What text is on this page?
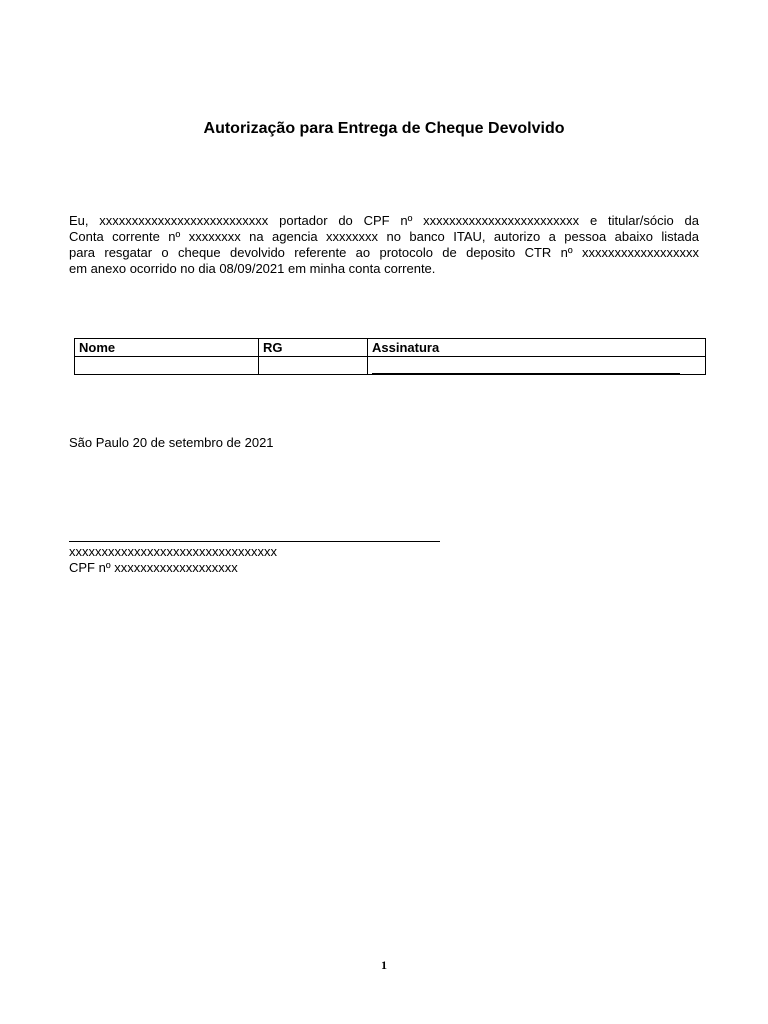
Autorização para Entrega de Cheque Devolvido
Eu, xxxxxxxxxxxxxxxxxxxxxxxxxx portador do CPF nº xxxxxxxxxxxxxxxxxxxxxxxx e titular/sócio da
Conta corrente nº xxxxxxxx na agencia xxxxxxxx no banco ITAU, autorizo a pessoa abaixo listada
para resgatar o cheque devolvido referente ao protocolo de deposito CTR nº xxxxxxxxxxxxxxxxxx
em anexo ocorrido no dia 08/09/2021 em minha conta corrente.
Nome	RG	Assinatura

São Paulo 20 de setembro de 2021
xxxxxxxxxxxxxxxxxxxxxxxxxxxxxxxx
CPF nº xxxxxxxxxxxxxxxxxxx
1
